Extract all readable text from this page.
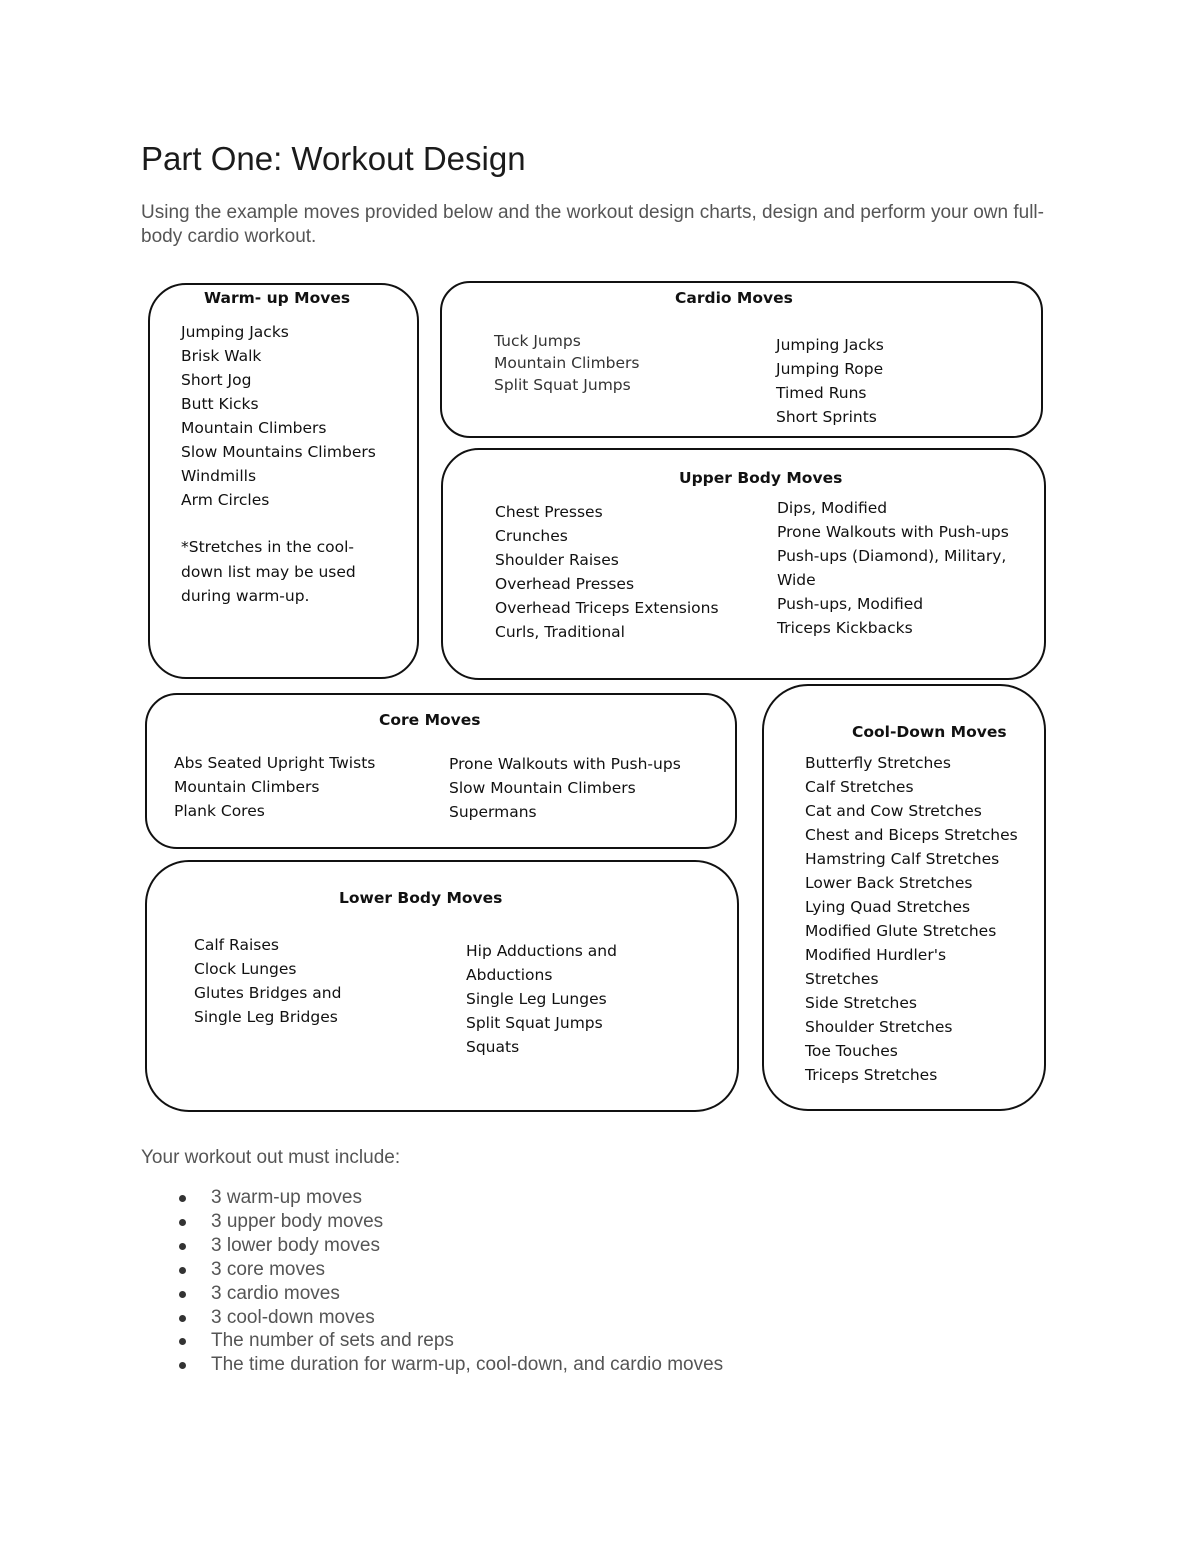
Part One: Workout Design

Using the example moves provided below and the workout design charts, design and perform your own full-body cardio workout.

Warm- up Moves
Jumping Jacks
Brisk Walk
Short Jog
Butt Kicks
Mountain Climbers
Slow Mountains Climbers
Windmills
Arm Circles

*Stretches in the cool-down list may be used during warm-up.

Cardio Moves
Tuck Jumps
Mountain Climbers
Split Squat Jumps
Jumping Jacks
Jumping Rope
Timed Runs
Short Sprints
Upper Body Moves
Chest Presses
Crunches
Shoulder Raises
Overhead Presses
Overhead Triceps Extensions
Curls, Traditional
Dips, Modified
Prone Walkouts with Push-ups
Push-ups (Diamond), Military,
Wide
Push-ups, Modified
Triceps Kickbacks
Core Moves
Abs Seated Upright Twists
Mountain Climbers
Plank Cores
Prone Walkouts with Push-ups
Slow Mountain Climbers
Supermans
Lower Body Moves
Calf Raises
Clock Lunges
Glutes Bridges and
Single Leg Bridges
Hip Adductions and
Abductions
Single Leg Lunges
Split Squat Jumps
Squats
Cool-Down Moves
Butterfly Stretches
Calf Stretches
Cat and Cow Stretches
Chest and Biceps Stretches
Hamstring Calf Stretches
Lower Back Stretches
Lying Quad Stretches
Modified Glute Stretches
Modified Hurdler's
Stretches
Side Stretches
Shoulder Stretches
Toe Touches
Triceps Stretches

Your workout out must include:

3 warm-up moves
3 upper body moves
3 lower body moves
3 core moves
3 cardio moves
3 cool-down moves
The number of sets and reps
The time duration for warm-up, cool-down, and cardio moves
